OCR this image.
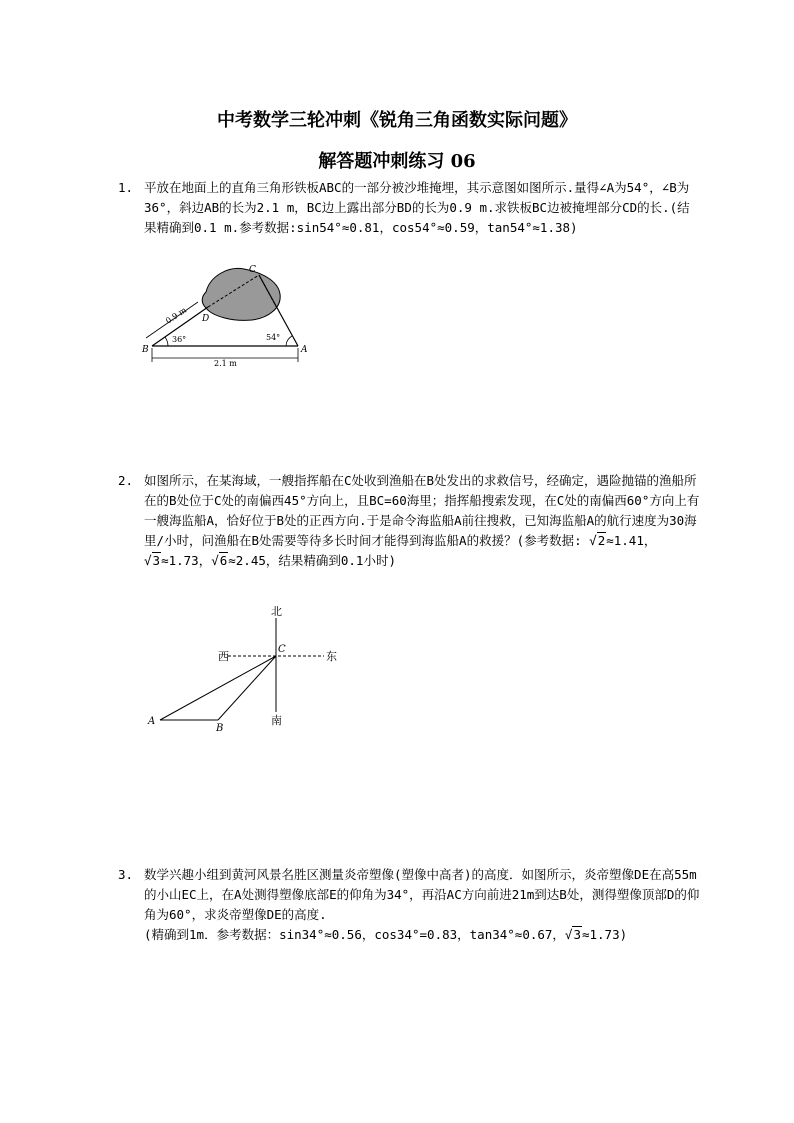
中考数学三轮冲刺《锐角三角函数实际问题》
解答题冲刺练习 06
1. 平放在地面上的直角三角形铁板ABC的一部分被沙堆掩埋，其示意图如图所示.量得∠A为54°，∠B为36°，斜边AB的长为2.1 m，BC边上露出部分BD的长为0.9 m.求铁板BC边被掩埋部分CD的长.(结果精确到0.1 m.参考数据:sin54°≈0.81，cos54°≈0.59，tan54°≈1.38)
C
D
B	A
36°	54°
0.9 m
2.1 m
2. 如图所示，在某海域，一艘指挥船在C处收到渔船在B处发出的求救信号，经确定，遇险抛锚的渔船所在的B处位于C处的南偏西45°方向上，且BC=60海里；指挥船搜索发现，在C处的南偏西60°方向上有一艘海监船A，恰好位于B处的正西方向.于是命令海监船A前往搜救，已知海监船A的航行速度为30海里/小时，问渔船在B处需要等待多长时间才能得到海监船A的救援？(参考数据: √2≈1.41，√3≈1.73，√6≈2.45，结果精确到0.1小时)
北
南
西	东
C
A
B
3. 数学兴趣小组到黄河风景名胜区测量炎帝塑像(塑像中高者)的高度．如图所示，炎帝塑像DE在高55m的小山EC上，在A处测得塑像底部E的仰角为34°，再沿AC方向前进21m到达B处，测得塑像顶部D的仰角为60°，求炎帝塑像DE的高度.
(精确到1m．参考数据：sin34°≈0.56，cos34°=0.83，tan34°≈0.67，√3≈1.73)
